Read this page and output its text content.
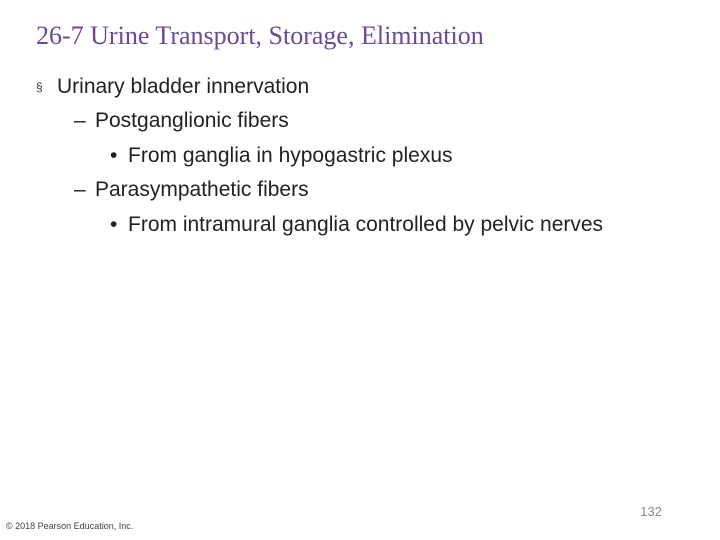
26-7 Urine Transport, Storage, Elimination
§ Urinary bladder innervation
– Postganglionic fibers
• From ganglia in hypogastric plexus
– Parasympathetic fibers
• From intramural ganglia controlled by pelvic nerves
132
© 2018 Pearson Education, Inc.
